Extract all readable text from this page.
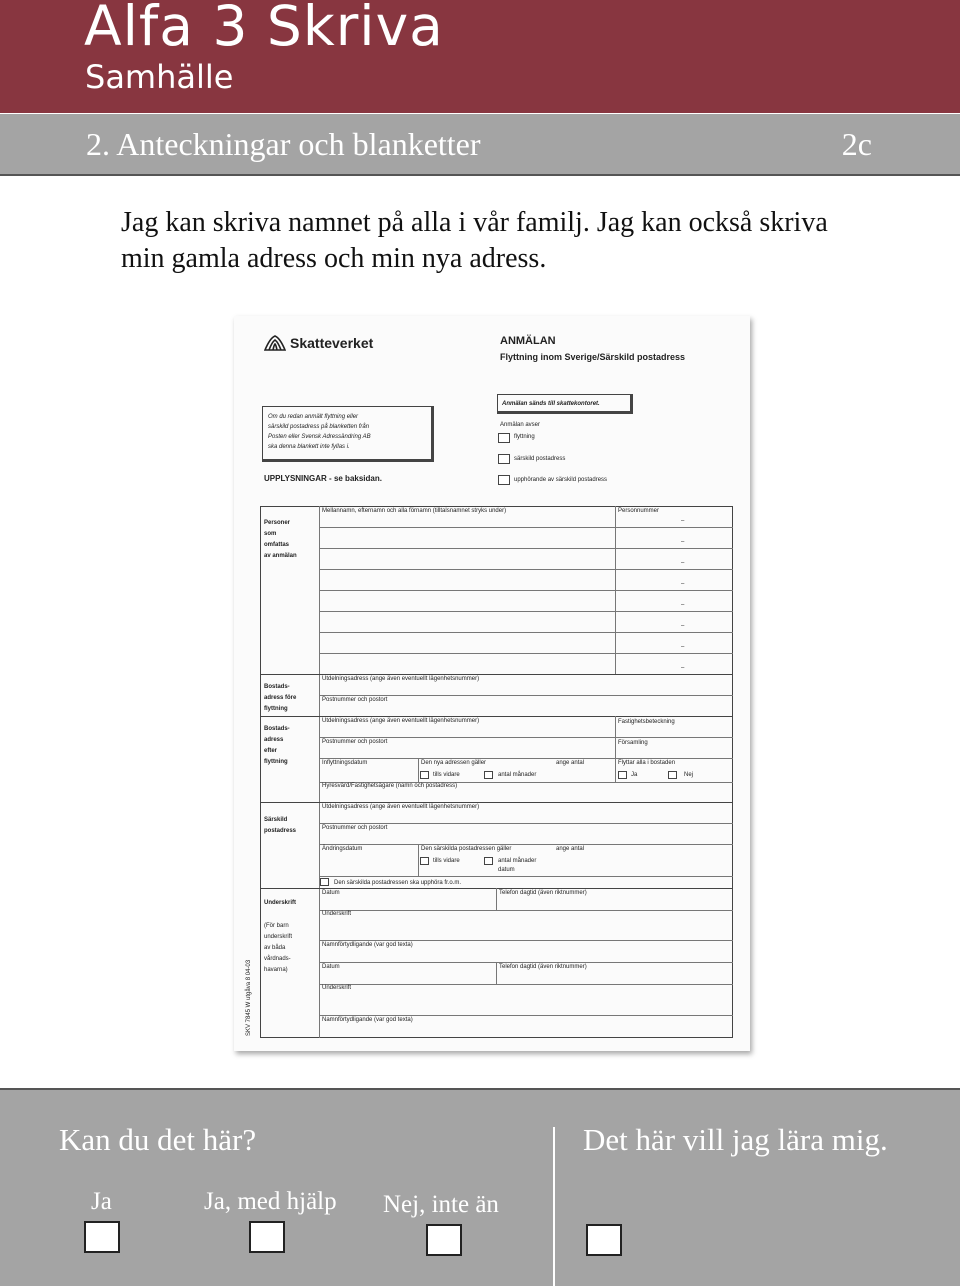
Alfa 3 Skriva
Samhälle
2. Anteckningar och blanketter	2c
Jag kan skriva namnet på alla i vår familj. Jag kan också skriva
min gamla adress och min nya adress.
Skatteverket	ANMÄLAN
Flyttning inom Sverige/Särskild postadress
Om du redan anmält flyttning eller
särskild postadress på blanketten från
Posten eller Svensk Adressändring AB
ska denna blankett inte fyllas i.
UPPLYSNINGAR - se baksidan.
Anmälan sänds till skattekontoret.
Anmälan avser
flyttning
särskild postadress
upphörande av särskild postadress
Personer
som
omfattas
av anmälan
Mellannamn, efternamn och alla förnamn (tilltalsnamnet stryks under)	Personnummer
–
–
–
–
–
–
–
–
Bostads-
adress före
flyttning
Utdelningsadress (ange även eventuellt lägenhetsnummer)
Postnummer och postort
Bostads-
adress
efter
flyttning
Utdelningsadress (ange även eventuellt lägenhetsnummer)	Fastighetsbeteckning
Postnummer och postort	Församling
Inflyttningsdatum	Den nya adressen gäller	ange antal	Flyttar alla i bostaden
tills vidare	antal månader	Ja	Nej
Hyresvärd/Fastighetsägare (namn och postadress)
Särskild
postadress
Utdelningsadress (ange även eventuellt lägenhetsnummer)
Postnummer och postort
Ändringsdatum	Den särskilda postadressen gäller	ange antal
tills vidare	antal månader
datum
Den särskilda postadressen ska upphöra fr.o.m.
Underskrift
(För barn
underskrift
av båda
vårdnads-
havarna)
Datum	Telefon dagtid (även riktnummer)
Underskrift
Namnförtydligande (var god texta)
Datum	Telefon dagtid (även riktnummer)
Underskrift
Namnförtydligande (var god texta)
SKV 7845 W utgåva 8 04-03
Kan du det här?	Det här vill jag lära mig.
Ja	Ja, med hjälp Nej, inte än
